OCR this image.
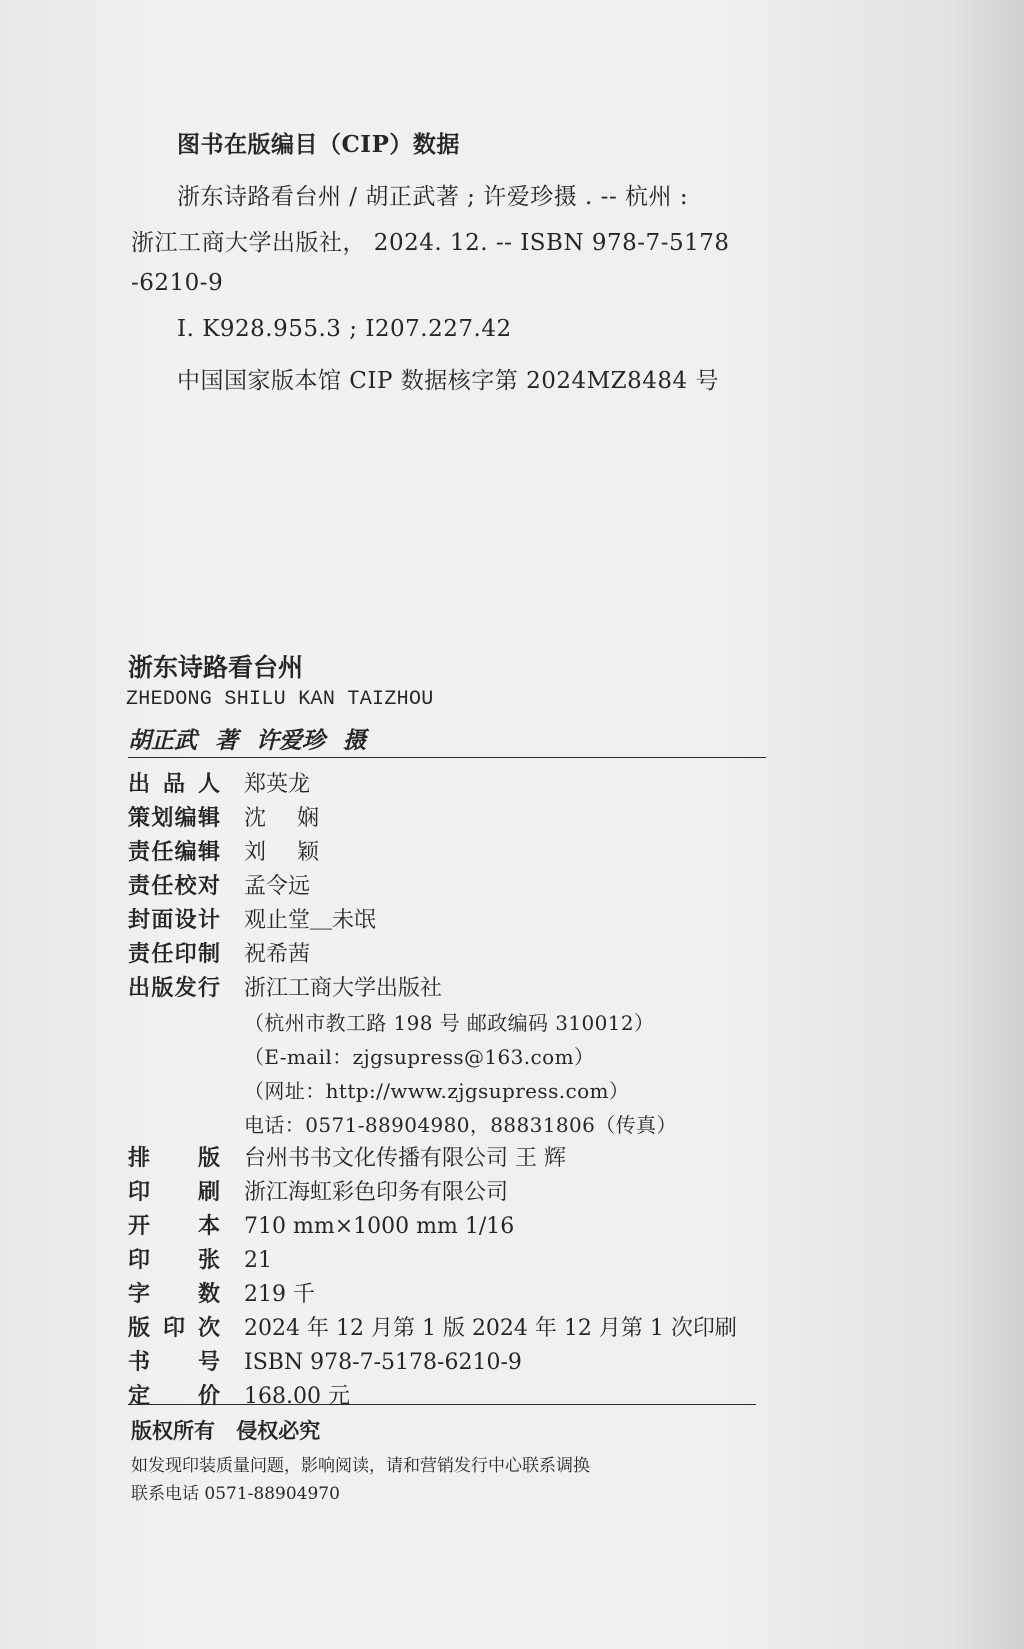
图书在版编目（CIP）数据
浙东诗路看台州 / 胡正武著 ; 许爱珍摄 . -- 杭州 :
浙江工商大学出版社， 2024. 12. -- ISBN 978-7-5178
-6210-9
Ⅰ. K928.955.3 ; I207.227.42
中国国家版本馆 CIP 数据核字第 2024MZ8484 号
浙东诗路看台州
ZHEDONG SHILU KAN TAIZHOU
胡正武 著 许爱珍 摄
出品人 郑英龙
策划编辑 沈 娴
责任编辑 刘 颖
责任校对 孟令远
封面设计 观止堂＿未氓
责任印制 祝希茜
出版发行 浙江工商大学出版社
（杭州市教工路 198 号 邮政编码 310012）
（E-mail：zjgsupress@163.com）
（网址：http://www.zjgsupress.com）
电话：0571-88904980，88831806（传真）
排版 台州书书文化传播有限公司 王 辉
印刷 浙江海虹彩色印务有限公司
开本 710 mm×1000 mm 1/16
印张 21
字数 219 千
版印次 2024 年 12 月第 1 版 2024 年 12 月第 1 次印刷
书号 ISBN 978-7-5178-6210-9
定价 168.00 元
版权所有 侵权必究
如发现印装质量问题，影响阅读，请和营销发行中心联系调换
联系电话 0571-88904970
